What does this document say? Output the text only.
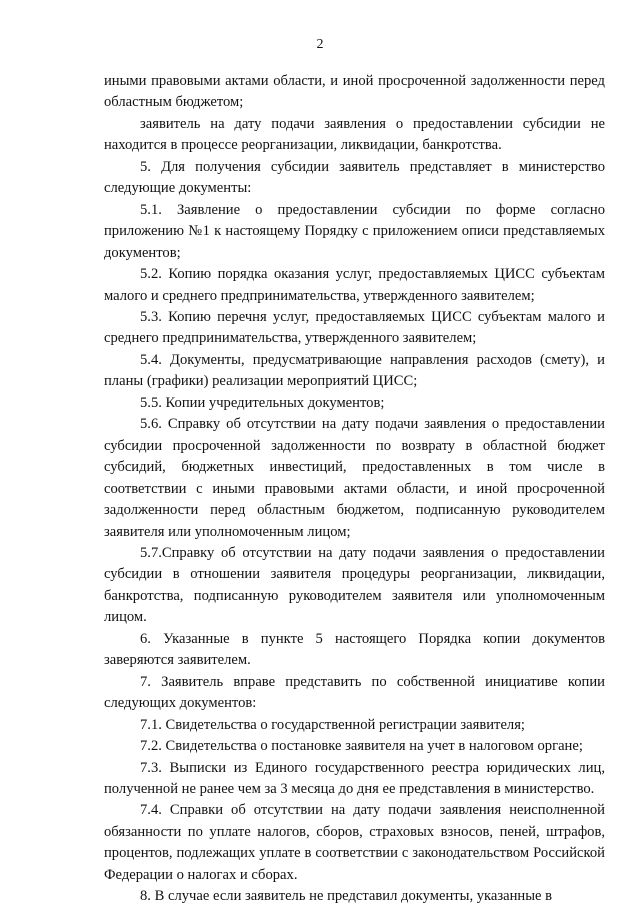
2

иными правовыми актами области, и иной просроченной задолженности перед областным бюджетом;

заявитель на дату подачи заявления о предоставлении субсидии не находится в процессе реорганизации, ликвидации, банкротства.

5. Для получения субсидии заявитель представляет в министерство следующие документы:

5.1. Заявление о предоставлении субсидии по форме согласно приложению №1 к настоящему Порядку с приложением описи представляемых документов;

5.2. Копию порядка оказания услуг, предоставляемых ЦИСС субъектам малого и среднего предпринимательства, утвержденного заявителем;

5.3. Копию перечня услуг, предоставляемых ЦИСС субъектам малого и среднего предпринимательства, утвержденного заявителем;

5.4. Документы, предусматривающие направления расходов (смету), и планы (графики) реализации мероприятий ЦИСС;

5.5. Копии учредительных документов;

5.6. Справку об отсутствии на дату подачи заявления о предоставлении субсидии просроченной задолженности по возврату в областной бюджет субсидий, бюджетных инвестиций, предоставленных в том числе в соответствии с иными правовыми актами области, и иной просроченной задолженности перед областным бюджетом, подписанную руководителем заявителя или уполномоченным лицом;

5.7.Справку об отсутствии на дату подачи заявления о предоставлении субсидии в отношении заявителя процедуры реорганизации, ликвидации, банкротства, подписанную руководителем заявителя или уполномоченным лицом.

6. Указанные в пункте 5 настоящего Порядка копии документов заверяются заявителем.

7. Заявитель вправе представить по собственной инициативе копии следующих документов:

7.1. Свидетельства о государственной регистрации заявителя;

7.2. Свидетельства о постановке заявителя на учет в налоговом органе;

7.3. Выписки из Единого государственного реестра юридических лиц, полученной не ранее чем за 3 месяца до дня ее представления в министерство.

7.4. Справки об отсутствии на дату подачи заявления неисполненной обязанности по уплате налогов, сборов, страховых взносов, пеней, штрафов, процентов, подлежащих уплате в соответствии с законодательством Российской Федерации о налогах и сборах.

8. В случае если заявитель не представил документы, указанные в
